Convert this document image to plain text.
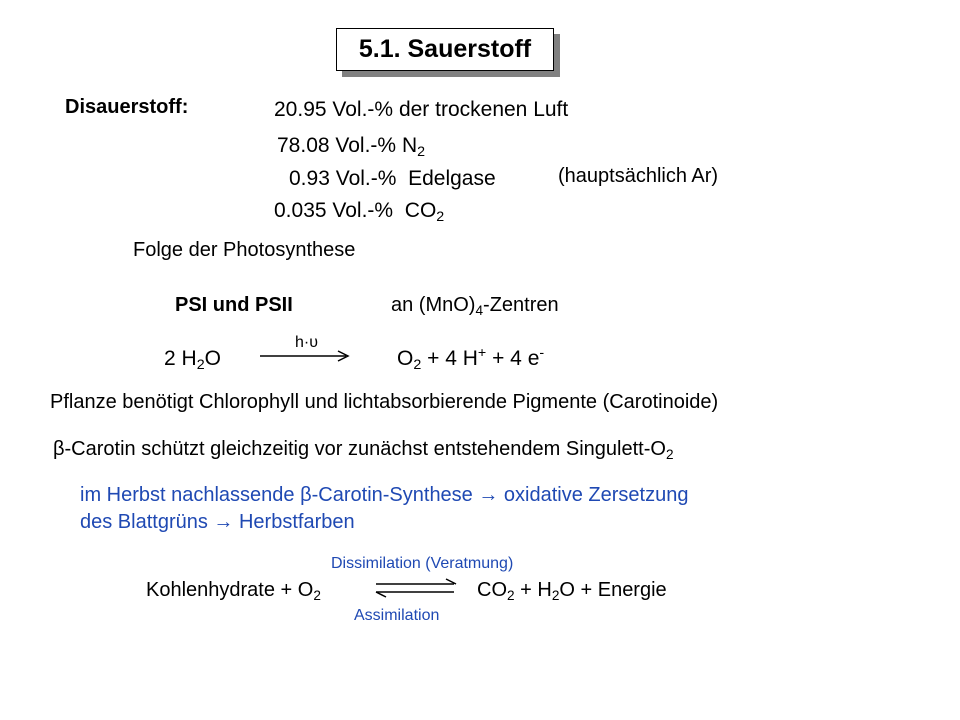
5.1. Sauerstoff
Disauerstoff:	20.95 Vol.-% der trockenen Luft
78.08 Vol.-% $N_2$
0.93 Vol.-% Edelgase	(hauptsächlich Ar)
0.035 Vol.-% $CO_2$
Folge der Photosynthese
PSI und PSII	an $(MnO)_4$-Zentren
2 $H_2O$
h·υ
$O_2 + 4$ H+ + 4 e-
Pflanze benötigt Chlorophyll und lichtabsorbierende Pigmente (Carotinoide)
β-Carotin schützt gleichzeitig vor zunächst entstehendem Singulett-$O_2$
im Herbst nachlassende β-Carotin-Synthese → oxidative Zersetzung
des Blattgrüns → Herbstfarben
Dissimilation (Veratmung)
Kohlenhydrate + $O_2$	$CO_2 + H_2O$ + Energie
Assimilation
